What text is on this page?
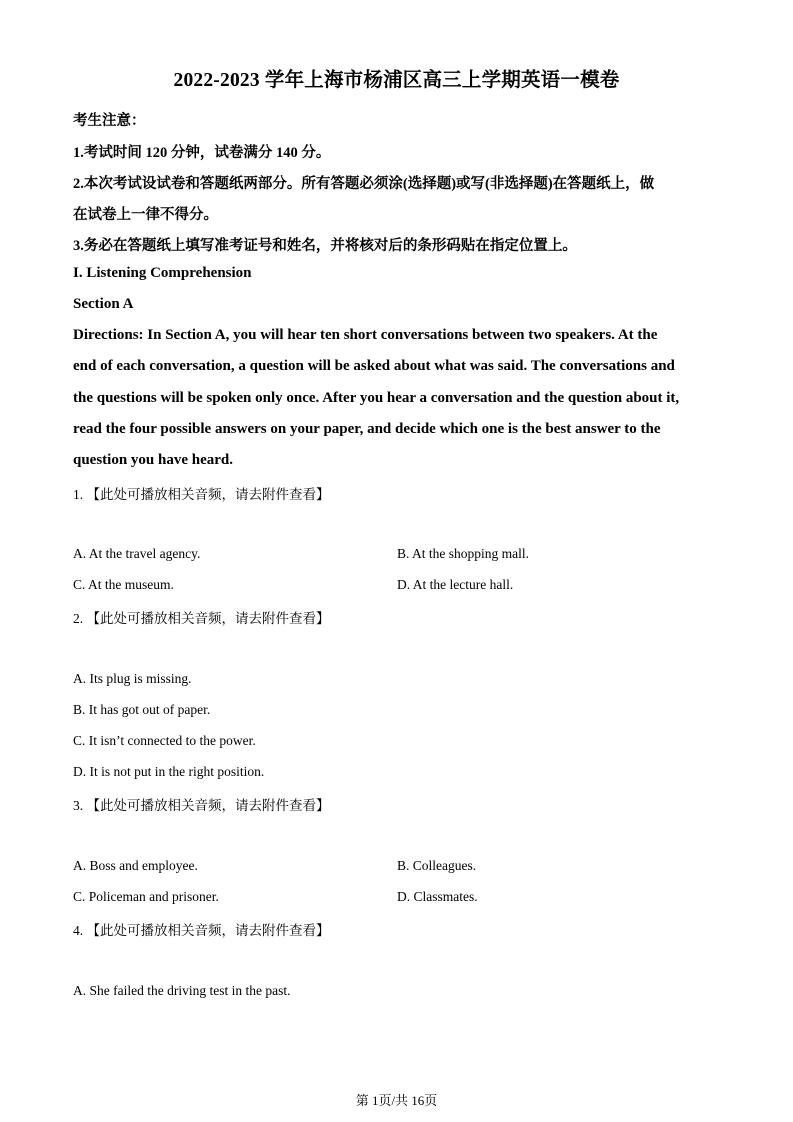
2022-2023 学年上海市杨浦区高三上学期英语一模卷
考生注意：
1.考试时间 120 分钟，试卷满分 140 分。
2.本次考试设试卷和答题纸两部分。所有答题必须涂(选择题)或写(非选择题)在答题纸上，做
在试卷上一律不得分。
3.务必在答题纸上填写准考证号和姓名，并将核对后的条形码贴在指定位置上。
I. Listening Comprehension
Section A
Directions: In Section A, you will hear ten short conversations between two speakers. At the
end of each conversation, a question will be asked about what was said. The conversations and
the questions will be spoken only once. After you hear a conversation and the question about it,
read the four possible answers on your paper, and decide which one is the best answer to the
question you have heard.
1. 【此处可播放相关音频，请去附件查看】
A. At the travel agency.	B. At the shopping mall.
C. At the museum.	D. At the lecture hall.
2. 【此处可播放相关音频，请去附件查看】
A. Its plug is missing.
B. It has got out of paper.
C. It isn’t connected to the power.
D. It is not put in the right position.
3. 【此处可播放相关音频，请去附件查看】
A. Boss and employee.	B. Colleagues.
C. Policeman and prisoner.	D. Classmates.
4. 【此处可播放相关音频，请去附件查看】
A. She failed the driving test in the past.
第 1页/共 16页
